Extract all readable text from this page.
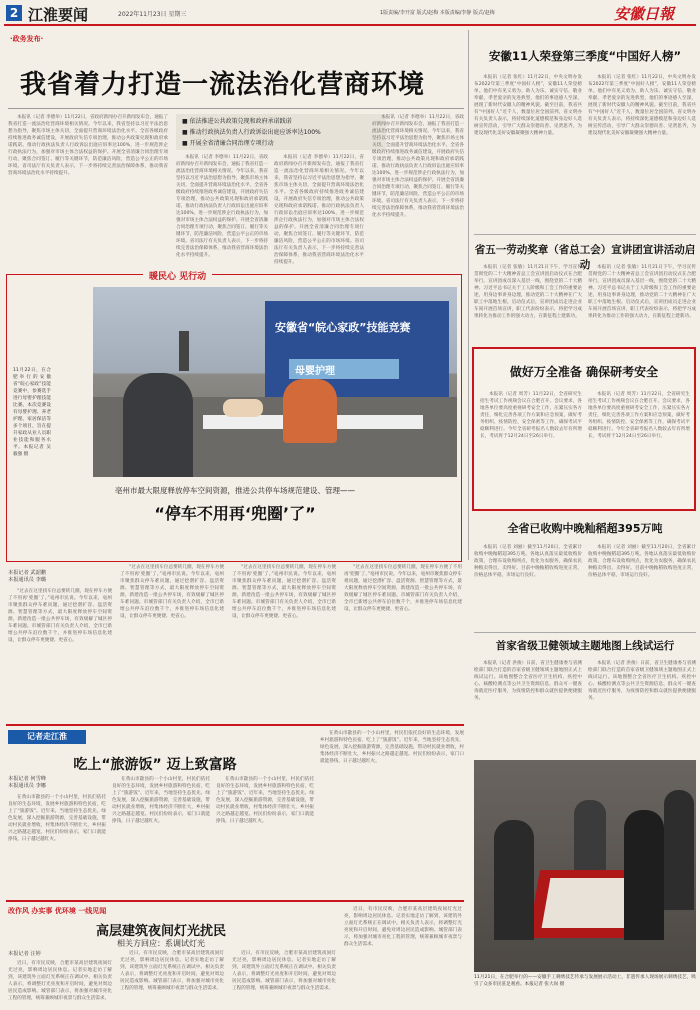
2 江淮要闻	2022年11月23日 星期三	1版责编/李开富 版式/赵梅 本版责编/李静 版式/赵梅	安徽日報
·政务发布·
我省着力打造一流法治化营商环境
■ 依法推进公共政策兑现和政府承诺践诺
■ 推动行政执法负责人行政诉讼出庭应诉率达100%
■ 开展全省清廉合同治理专项行动

本报讯（记者 李德举）11月22日，省政府新闻办召开新闻发布会，通报了我省打造一流法治化营商环境相关情况。今年以来，我省坚持以习近平法治思想为指导，聚焦市场主体关切，全面提升营商环境法治化水平。全省各级政府持续推进政务诚信建设，开展政府失信专项治理，推动公共政策兑现和政府承诺践诺。推动行政执法负责人行政诉讼出庭应诉率达100%，进一步规范涉企行政执法行为，加强对市场主体合法权益的保护。开展全省清廉合同治理专项行动，聚焦合同签订、履行等关键环节，防范廉洁风险，营造公平公正的市场环境。省司法厅有关负责人表示，下一步将持续完善法治保障体系，推动我省营商环境法治化水平持续提升。

本报讯（记者 李德举）11月22日，省政府新闻办召开新闻发布会，通报了我省打造一流法治化营商环境相关情况。今年以来，我省坚持以习近平法治思想为指导，聚焦市场主体关切，全面提升营商环境法治化水平。全省各级政府持续推进政务诚信建设，开展政府失信专项治理，推动公共政策兑现和政府承诺践诺。推动行政执法负责人行政诉讼出庭应诉率达100%，进一步规范涉企行政执法行为，加强对市场主体合法权益的保护。开展全省清廉合同治理专项行动，聚焦合同签订、履行等关键环节，防范廉洁风险，营造公平公正的市场环境。省司法厅有关负责人表示，下一步将持续完善法治保障体系，推动我省营商环境法治化水平持续提升。

本报讯（记者 李德举）11月22日，省政府新闻办召开新闻发布会，通报了我省打造一流法治化营商环境相关情况。今年以来，我省坚持以习近平法治思想为指导，聚焦市场主体关切，全面提升营商环境法治化水平。全省各级政府持续推进政务诚信建设，开展政府失信专项治理，推动公共政策兑现和政府承诺践诺。推动行政执法负责人行政诉讼出庭应诉率达100%，进一步规范涉企行政执法行为，加强对市场主体合法权益的保护。开展全省清廉合同治理专项行动，聚焦合同签订、履行等关键环节，防范廉洁风险，营造公平公正的市场环境。省司法厅有关负责人表示，下一步将持续完善法治保障体系，推动我省营商环境法治化水平持续提升。

本报讯（记者 李德举）11月22日，省政府新闻办召开新闻发布会，通报了我省打造一流法治化营商环境相关情况。今年以来，我省坚持以习近平法治思想为指导，聚焦市场主体关切，全面提升营商环境法治化水平。全省各级政府持续推进政务诚信建设，开展政府失信专项治理，推动公共政策兑现和政府承诺践诺。推动行政执法负责人行政诉讼出庭应诉率达100%，进一步规范涉企行政执法行为，加强对市场主体合法权益的保护。开展全省清廉合同治理专项行动，聚焦合同签订、履行等关键环节，防范廉洁风险，营造公平公正的市场环境。省司法厅有关负责人表示，下一步将持续完善法治保障体系，推动我省营商环境法治化水平持续提升。

安徽11人荣登第三季度“中国好人榜”

本报讯（记者 张红）11月22日，中央文明办发布2022年第三季度“中国好人榜”，安徽11人荣登榜单。他们中有见义勇为、助人为乐、诚实守信、敬业奉献、孝老爱亲的先进典型，他们的事迹感人至深，展现了新时代安徽人的精神风貌。截至目前，我省共有“中国好人”近千人，数量位居全国前列。省文明办有关负责人表示，将持续深化道德模范和身边好人选树宣传活动，引导广大群众崇德向善、见贤思齐，为建设现代化美好安徽凝聚强大精神力量。

本报讯（记者 张红）11月22日，中央文明办发布2022年第三季度“中国好人榜”，安徽11人荣登榜单。他们中有见义勇为、助人为乐、诚实守信、敬业奉献、孝老爱亲的先进典型，他们的事迹感人至深，展现了新时代安徽人的精神风貌。截至目前，我省共有“中国好人”近千人，数量位居全国前列。省文明办有关负责人表示，将持续深化道德模范和身边好人选树宣传活动，引导广大群众崇德向善、见贤思齐，为建设现代化美好安徽凝聚强大精神力量。

省五一劳动奖章（省总工会）宣讲团宣讲活动启动

本报讯（记者 张敏）11月21日下午，学习宣传贯彻党的二十大精神省总工会宣讲团启动仪式在合肥举行。宣讲团成员深入基层一线，围绕党的二十大精神、习近平总书记关于工人阶级和工会工作的重要论述，用身边事讲身边理，推动党的二十大精神在广大职工中落地生根。启动仪式后，宣讲团成员走进企业车间开展首场宣讲，职工代表纷纷表示，将把学习成果转化为推动工作的强大动力，在新征程上建新功。

本报讯（记者 张敏）11月21日下午，学习宣传贯彻党的二十大精神省总工会宣讲团启动仪式在合肥举行。宣讲团成员深入基层一线，围绕党的二十大精神、习近平总书记关于工人阶级和工会工作的重要论述，用身边事讲身边理，推动党的二十大精神在广大职工中落地生根。启动仪式后，宣讲团成员走进企业车间开展首场宣讲，职工代表纷纷表示，将把学习成果转化为推动工作的强大动力，在新征程上建新功。

做好万全准备 确保研考安全

本报讯（记者 周芳）11月22日，全省研究生招生考试工作视频会议在合肥召开。会议要求，各地各单位要高度重视研考安全工作，压紧压实各方责任，细化完善各项工作方案和应急预案，做好考务组织、疫情防控、安全保密等工作，确保考试平稳顺利进行。今年全省研考报名人数较去年有所增长，考试将于12月24日至26日举行。

本报讯（记者 周芳）11月22日，全省研究生招生考试工作视频会议在合肥召开。会议要求，各地各单位要高度重视研考安全工作，压紧压实各方责任，细化完善各项工作方案和应急预案，做好考务组织、疫情防控、安全保密等工作，确保考试平稳顺利进行。今年全省研考报名人数较去年有所增长，考试将于12月24日至26日举行。

全省已收购中晚籼稻超395万吨

本报讯（记者 刘丽）截至11月20日，全省累计收购中晚籼稻超395万吨。各地认真落实最低收购价政策，合理布设收购网点，优化为农服务，确保农民种粮卖得出、卖得好。目前中晚籼稻收购进度正常，价格总体平稳，市场运行良好。

本报讯（记者 刘丽）截至11月20日，全省累计收购中晚籼稻超395万吨。各地认真落实最低收购价政策，合理布设收购网点，优化为农服务，确保农民种粮卖得出、卖得好。目前中晚籼稻收购进度正常，价格总体平稳，市场运行良好。

首家省级卫健领域主题地图上线试运行

本报讯（记者 洪俊）日前，省卫生健康委与省测绘部门联合打造的首家省级卫健领域主题地图正式上线试运行。该地图整合全省医疗卫生机构、疾控中心、核酸检测点等公共卫生资源信息，群众可一键查询就近医疗服务，为疫情防控和群众就医提供便捷服务。

本报讯（记者 洪俊）日前，省卫生健康委与省测绘部门联合打造的首家省级卫健领域主题地图正式上线试运行。该地图整合全省医疗卫生机构、疾控中心、核酸检测点等公共卫生资源信息，群众可一键查询就近医疗服务，为疫情防控和群众就医提供便捷服务。

暖民心 见行动
11月22日，在合肥举行的安徽省“皖心家政”技能竞赛中，参赛选手进行母婴护理技能比赛。本次竞赛设有母婴护理、养老护理、家居保洁等多个项目，旨在提升家政从业人员职业技能和服务水平。本报记者 吴毅强 摄
安徽省“皖心家政”技能竞赛
母婴护理
亳州市最大限度释放停车空间资源，推进公共停车场规范建设、管理——
“停车不用再‘兜圈’了”
本报记者 武韶鹏
本报通讯员 李璐

“过去在这里找车位总要转几圈，现在停车方便了不用再‘兜圈’了。”亳州市民说。今年以来，亳州市聚焦群众停车难问题，通过挖潜扩容、盘活资源、智慧管理等方式，最大限度释放停车空间资源，新建改造一批公共停车场，有效缓解了城区停车难问题。市城管部门有关负责人介绍，全市已新增公共停车泊位数千个，并推进停车场信息化建设，让群众停车更便捷、更省心。

“过去在这里找车位总要转几圈，现在停车方便了不用再‘兜圈’了。”亳州市民说。今年以来，亳州市聚焦群众停车难问题，通过挖潜扩容、盘活资源、智慧管理等方式，最大限度释放停车空间资源，新建改造一批公共停车场，有效缓解了城区停车难问题。市城管部门有关负责人介绍，全市已新增公共停车泊位数千个，并推进停车场信息化建设，让群众停车更便捷、更省心。

“过去在这里找车位总要转几圈，现在停车方便了不用再‘兜圈’了。”亳州市民说。今年以来，亳州市聚焦群众停车难问题，通过挖潜扩容、盘活资源、智慧管理等方式，最大限度释放停车空间资源，新建改造一批公共停车场，有效缓解了城区停车难问题。市城管部门有关负责人介绍，全市已新增公共停车泊位数千个，并推进停车场信息化建设，让群众停车更便捷、更省心。

“过去在这里找车位总要转几圈，现在停车方便了不用再‘兜圈’了。”亳州市民说。今年以来，亳州市聚焦群众停车难问题，通过挖潜扩容、盘活资源、智慧管理等方式，最大限度释放停车空间资源，新建改造一批公共停车场，有效缓解了城区停车难问题。市城管部门有关负责人介绍，全市已新增公共停车泊位数千个，并推进停车场信息化建设，让群众停车更便捷、更省心。

记者走江淮
吃上“旅游饭” 迈上致富路
本报记者 何雪峰
本报通讯员 李娜

在黄山市歙县的一个小山村里，村民们依托良好的生态环境，发展乡村旅游和特色民宿，吃上了“旅游饭”。近年来，当地坚持生态优先、绿色发展，深入挖掘旅游资源，完善基础设施，带动村民就业增收，村集体经济不断壮大，乡村振兴之路越走越宽。村民们纷纷表示，家门口就能挣钱，日子越过越红火。

在黄山市歙县的一个小山村里，村民们依托良好的生态环境，发展乡村旅游和特色民宿，吃上了“旅游饭”。近年来，当地坚持生态优先、绿色发展，深入挖掘旅游资源，完善基础设施，带动村民就业增收，村集体经济不断壮大，乡村振兴之路越走越宽。村民们纷纷表示，家门口就能挣钱，日子越过越红火。

在黄山市歙县的一个小山村里，村民们依托良好的生态环境，发展乡村旅游和特色民宿，吃上了“旅游饭”。近年来，当地坚持生态优先、绿色发展，深入挖掘旅游资源，完善基础设施，带动村民就业增收，村集体经济不断壮大，乡村振兴之路越走越宽。村民们纷纷表示，家门口就能挣钱，日子越过越红火。

在黄山市歙县的一个小山村里，村民们依托良好的生态环境，发展乡村旅游和特色民宿，吃上了“旅游饭”。近年来，当地坚持生态优先、绿色发展，深入挖掘旅游资源，完善基础设施，带动村民就业增收，村集体经济不断壮大，乡村振兴之路越走越宽。村民们纷纷表示，家门口就能挣钱，日子越过越红火。

改作风 办实事 优环境 一线见闻
高层建筑夜间灯光扰民
相关方回应：系调试灯光
本报记者 汪婷

近日，有市民反映，合肥市某高层建筑夜间灯光过亮，影响周边居民休息。记者实地走访了解到，该建筑外立面灯光系统正在调试中。相关负责人表示，将调整灯光亮度和开启时间，避免对周边居民造成影响。城管部门表示，将加强对城市亮化工程的管理，统筹兼顾城市夜景与群众生活需求。

近日，有市民反映，合肥市某高层建筑夜间灯光过亮，影响周边居民休息。记者实地走访了解到，该建筑外立面灯光系统正在调试中。相关负责人表示，将调整灯光亮度和开启时间，避免对周边居民造成影响。城管部门表示，将加强对城市亮化工程的管理，统筹兼顾城市夜景与群众生活需求。

近日，有市民反映，合肥市某高层建筑夜间灯光过亮，影响周边居民休息。记者实地走访了解到，该建筑外立面灯光系统正在调试中。相关负责人表示，将调整灯光亮度和开启时间，避免对周边居民造成影响。城管部门表示，将加强对城市亮化工程的管理，统筹兼顾城市夜景与群众生活需求。

近日，有市民反映，合肥市某高层建筑夜间灯光过亮，影响周边居民休息。记者实地走访了解到，该建筑外立面灯光系统正在调试中。相关负责人表示，将调整灯光亮度和开启时间，避免对周边居民造成影响。城管部门表示，将加强对城市亮化工程的管理，统筹兼顾城市夜景与群众生活需求。

11月21日，在合肥举行的——安徽手工刺绣技艺传承与发展展示活动上，非遗传承人现场展示刺绣技艺，吸引了众多市民驻足观看。本报记者 张大岗 摄
